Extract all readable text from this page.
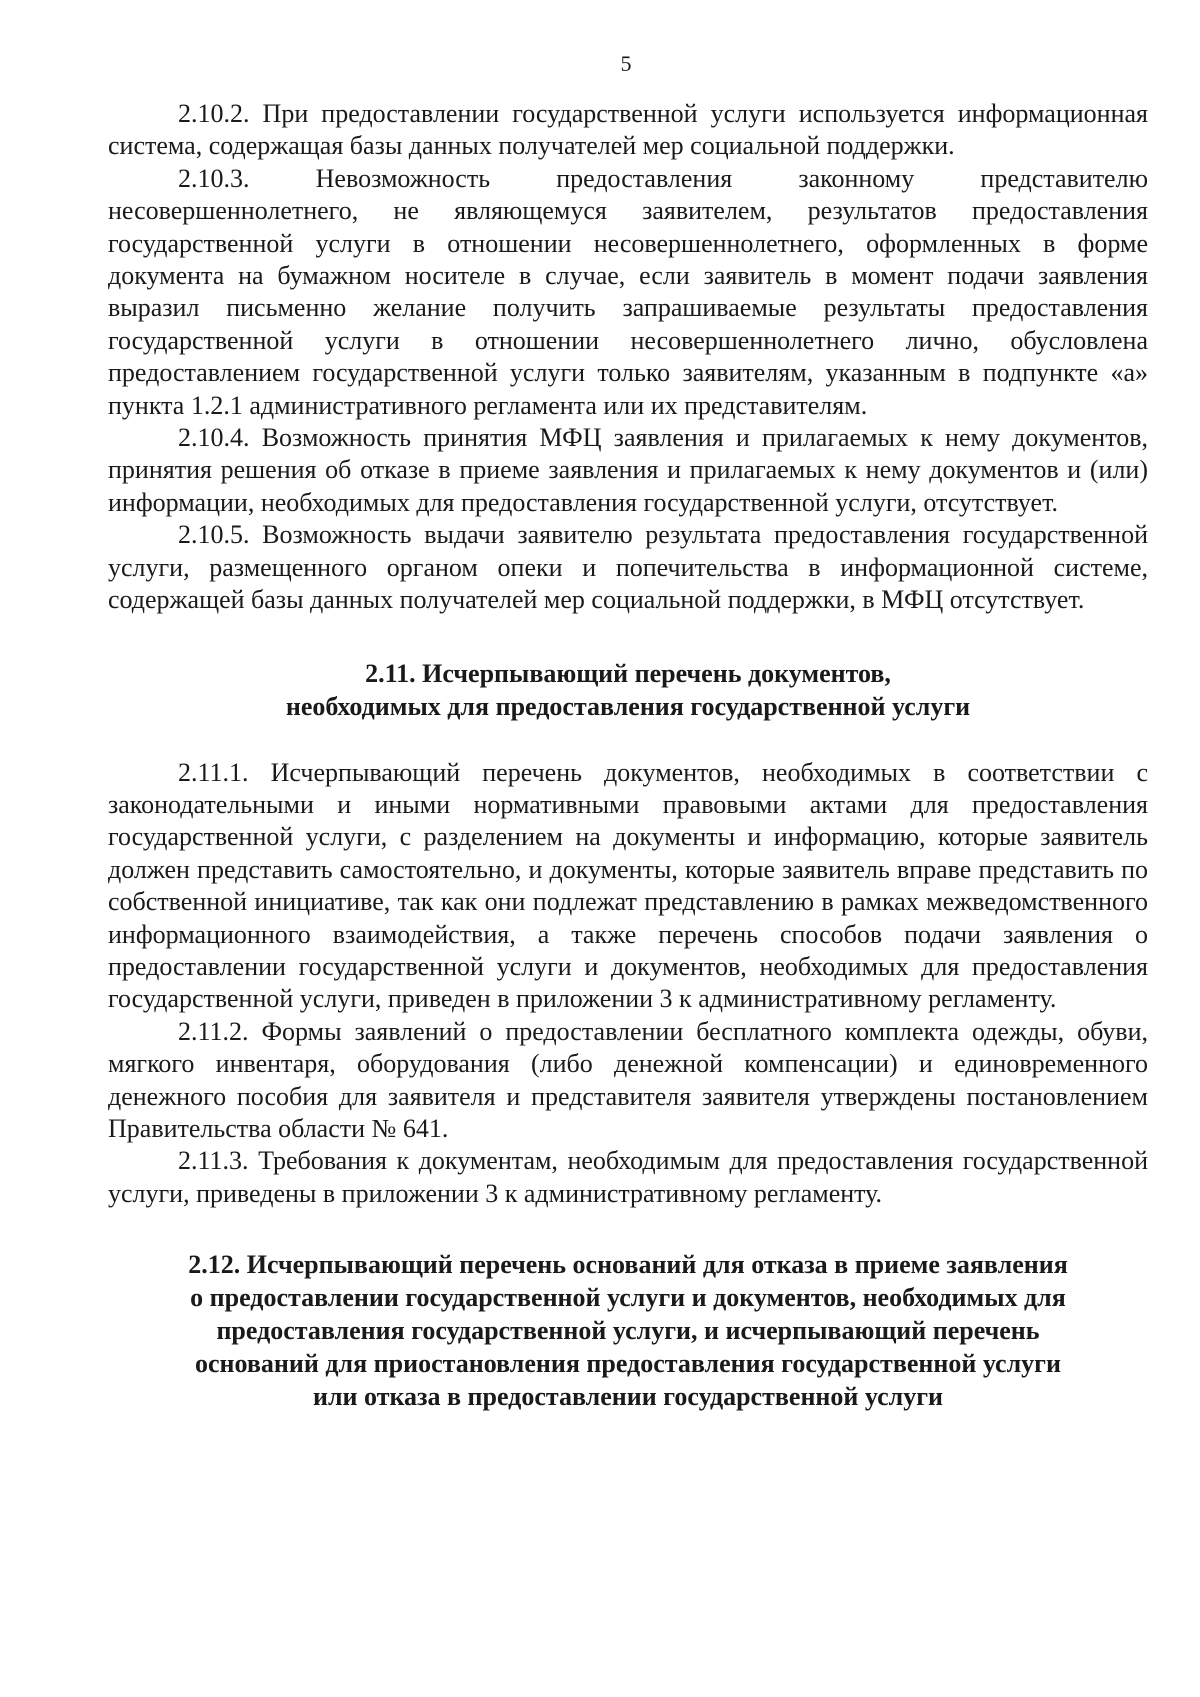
5

2.10.2. При предоставлении государственной услуги используется информационная система, содержащая базы данных получателей мер социальной поддержки.

2.10.3. Невозможность предоставления законному представителю несовершеннолетнего, не являющемуся заявителем, результатов предоставления государственной услуги в отношении несовершеннолетнего, оформленных в форме документа на бумажном носителе в случае, если заявитель в момент подачи заявления выразил письменно желание получить запрашиваемые результаты предоставления государственной услуги в отношении несовершеннолетнего лично, обусловлена предоставлением государственной услуги только заявителям, указанным в подпункте «а» пункта 1.2.1 административного регламента или их представителям.

2.10.4. Возможность принятия МФЦ заявления и прилагаемых к нему документов, принятия решения об отказе в приеме заявления и прилагаемых к нему документов и (или) информации, необходимых для предоставления государственной услуги, отсутствует.

2.10.5. Возможность выдачи заявителю результата предоставления государственной услуги, размещенного органом опеки и попечительства в информационной системе, содержащей базы данных получателей мер социальной поддержки, в МФЦ отсутствует.

2.11. Исчерпывающий перечень документов,
необходимых для предоставления государственной услуги

2.11.1. Исчерпывающий перечень документов, необходимых в соответствии с законодательными и иными нормативными правовыми актами для предоставления государственной услуги, с разделением на документы и информацию, которые заявитель должен представить самостоятельно, и документы, которые заявитель вправе представить по собственной инициативе, так как они подлежат представлению в рамках межведомственного информационного взаимодействия, а также перечень способов подачи заявления о предоставлении государственной услуги и документов, необходимых для предоставления государственной услуги, приведен в приложении 3 к административному регламенту.

2.11.2. Формы заявлений о предоставлении бесплатного комплекта одежды, обуви, мягкого инвентаря, оборудования (либо денежной компенсации) и единовременного денежного пособия для заявителя и представителя заявителя утверждены постановлением Правительства области № 641.

2.11.3. Требования к документам, необходимым для предоставления государственной услуги, приведены в приложении 3 к административному регламенту.

2.12. Исчерпывающий перечень оснований для отказа в приеме заявления
о предоставлении государственной услуги и документов, необходимых для
предоставления государственной услуги, и исчерпывающий перечень
оснований для приостановления предоставления государственной услуги
или отказа в предоставлении государственной услуги
